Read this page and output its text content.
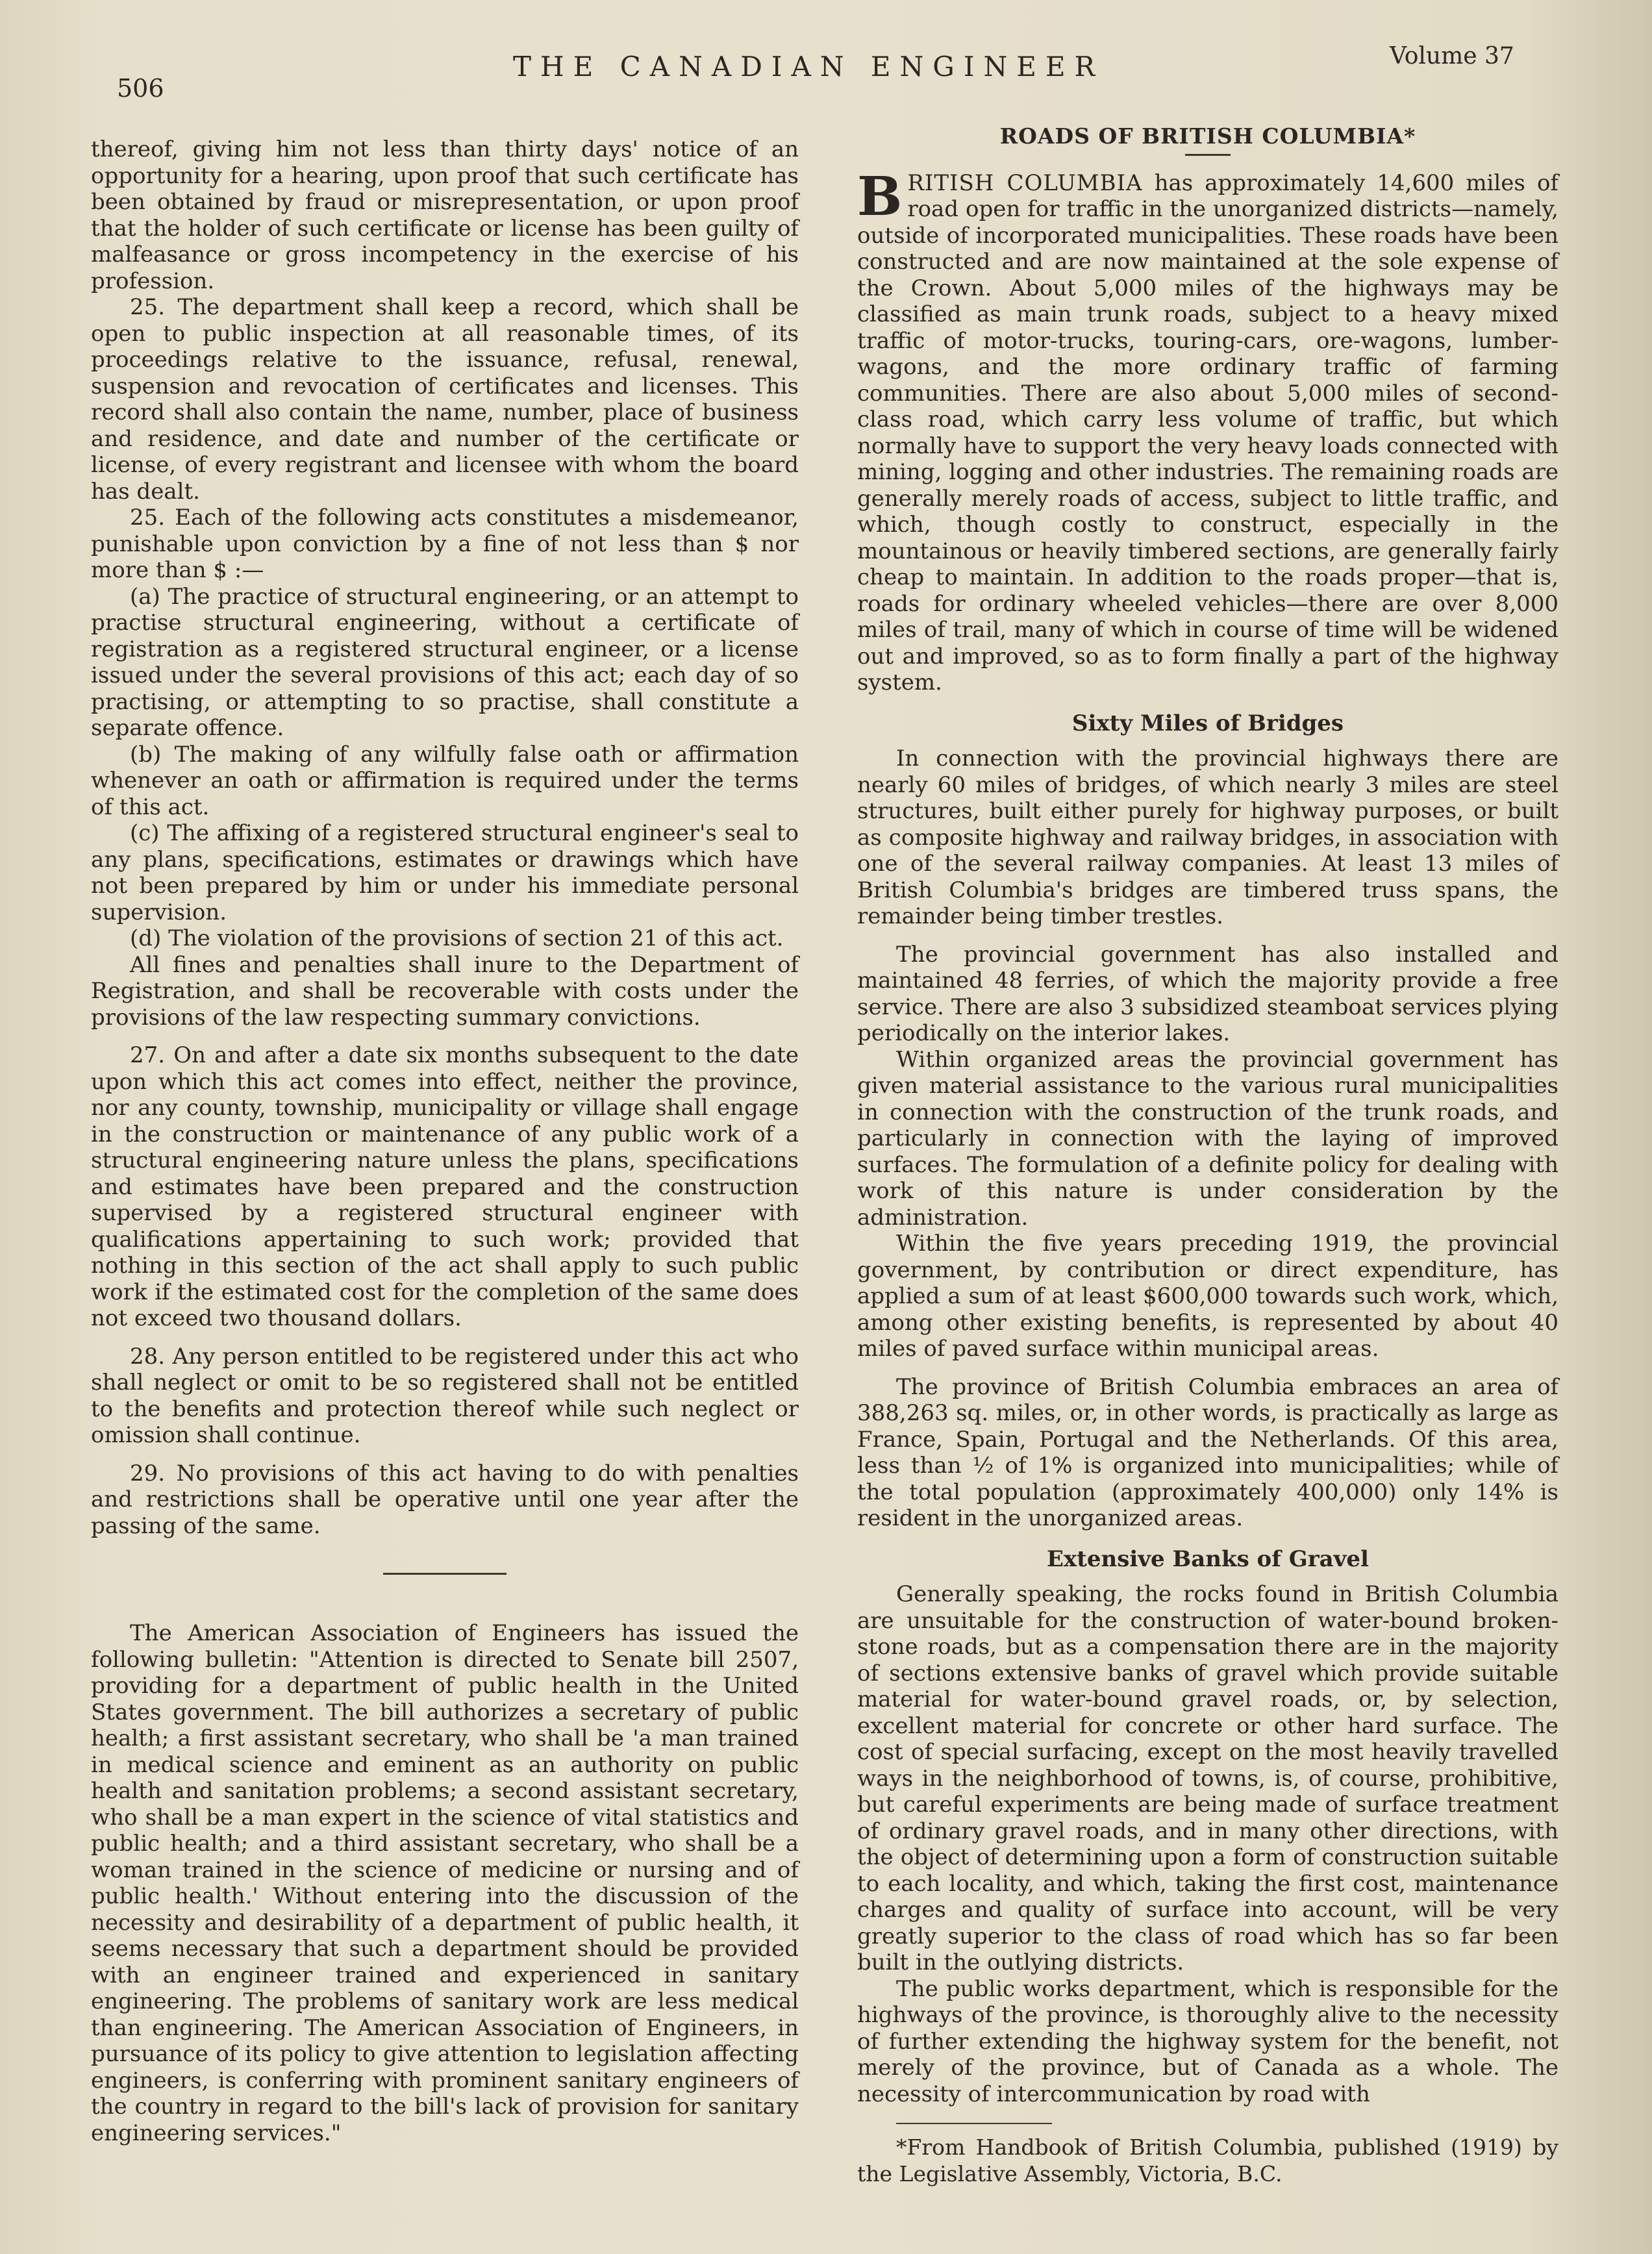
506
THE CANADIAN ENGINEER	Volume 37

thereof, giving him not less than thirty days' notice of an opportunity for a hearing, upon proof that such certificate has been obtained by fraud or misrepresentation, or upon proof that the holder of such certificate or license has been guilty of malfeasance or gross incompetency in the exercise of his profession.

25. The department shall keep a record, which shall be open to public inspection at all reasonable times, of its proceedings relative to the issuance, refusal, renewal, suspension and revocation of certificates and licenses. This record shall also contain the name, number, place of business and residence, and date and number of the certificate or license, of every registrant and licensee with whom the board has dealt.

25. Each of the following acts constitutes a misdemeanor, punishable upon conviction by a fine of not less than $ nor more than $ :—

(a) The practice of structural engineering, or an attempt to practise structural engineering, without a certificate of registration as a registered structural engineer, or a license issued under the several provisions of this act; each day of so practising, or attempting to so practise, shall constitute a separate offence.

(b) The making of any wilfully false oath or affirmation whenever an oath or affirmation is required under the terms of this act.

(c) The affixing of a registered structural engineer's seal to any plans, specifications, estimates or drawings which have not been prepared by him or under his immediate personal supervision.

(d) The violation of the provisions of section 21 of this act.

All fines and penalties shall inure to the Department of Registration, and shall be recoverable with costs under the provisions of the law respecting summary convictions.

27. On and after a date six months subsequent to the date upon which this act comes into effect, neither the province, nor any county, township, municipality or village shall engage in the construction or maintenance of any public work of a structural engineering nature unless the plans, specifications and estimates have been prepared and the construction supervised by a registered structural engineer with qualifications appertaining to such work; provided that nothing in this section of the act shall apply to such public work if the estimated cost for the completion of the same does not exceed two thousand dollars.

28. Any person entitled to be registered under this act who shall neglect or omit to be so registered shall not be entitled to the benefits and protection thereof while such neglect or omission shall continue.

29. No provisions of this act having to do with penalties and restrictions shall be operative until one year after the passing of the same.

The American Association of Engineers has issued the following bulletin: "Attention is directed to Senate bill 2507, providing for a department of public health in the United States government. The bill authorizes a secretary of public health; a first assistant secretary, who shall be 'a man trained in medical science and eminent as an authority on public health and sanitation problems; a second assistant secretary, who shall be a man expert in the science of vital statistics and public health; and a third assistant secretary, who shall be a woman trained in the science of medicine or nursing and of public health.' Without entering into the discussion of the necessity and desirability of a department of public health, it seems necessary that such a department should be provided with an engineer trained and experienced in sanitary engineering. The problems of sanitary work are less medical than engineering. The American Association of Engineers, in pursuance of its policy to give attention to legislation affecting engineers, is conferring with prominent sanitary engineers of the country in regard to the bill's lack of provision for sanitary engineering services."

ROADS OF BRITISH COLUMBIA*

BRITISH COLUMBIA has approximately 14,600 miles of road open for traffic in the unorganized districts—namely, outside of incorporated municipalities. These roads have been constructed and are now maintained at the sole expense of the Crown. About 5,000 miles of the highways may be classified as main trunk roads, subject to a heavy mixed traffic of motor-trucks, touring-cars, ore-wagons, lumber-wagons, and the more ordinary traffic of farming communities. There are also about 5,000 miles of second-class road, which carry less volume of traffic, but which normally have to support the very heavy loads connected with mining, logging and other industries. The remaining roads are generally merely roads of access, subject to little traffic, and which, though costly to construct, especially in the mountainous or heavily timbered sections, are generally fairly cheap to maintain. In addition to the roads proper—that is, roads for ordinary wheeled vehicles—there are over 8,000 miles of trail, many of which in course of time will be widened out and improved, so as to form finally a part of the highway system.

Sixty Miles of Bridges

In connection with the provincial highways there are nearly 60 miles of bridges, of which nearly 3 miles are steel structures, built either purely for highway purposes, or built as composite highway and railway bridges, in association with one of the several railway companies. At least 13 miles of British Columbia's bridges are timbered truss spans, the remainder being timber trestles.

The provincial government has also installed and maintained 48 ferries, of which the majority provide a free service. There are also 3 subsidized steamboat services plying periodically on the interior lakes.

Within organized areas the provincial government has given material assistance to the various rural municipalities in connection with the construction of the trunk roads, and particularly in connection with the laying of improved surfaces. The formulation of a definite policy for dealing with work of this nature is under consideration by the administration.

Within the five years preceding 1919, the provincial government, by contribution or direct expenditure, has applied a sum of at least $600,000 towards such work, which, among other existing benefits, is represented by about 40 miles of paved surface within municipal areas.

The province of British Columbia embraces an area of 388,263 sq. miles, or, in other words, is practically as large as France, Spain, Portugal and the Netherlands. Of this area, less than ½ of 1% is organized into municipalities; while of the total population (approximately 400,000) only 14% is resident in the unorganized areas.

Extensive Banks of Gravel

Generally speaking, the rocks found in British Columbia are unsuitable for the construction of water-bound broken-stone roads, but as a compensation there are in the majority of sections extensive banks of gravel which provide suitable material for water-bound gravel roads, or, by selection, excellent material for concrete or other hard surface. The cost of special surfacing, except on the most heavily travelled ways in the neighborhood of towns, is, of course, prohibitive, but careful experiments are being made of surface treatment of ordinary gravel roads, and in many other directions, with the object of determining upon a form of construction suitable to each locality, and which, taking the first cost, maintenance charges and quality of surface into account, will be very greatly superior to the class of road which has so far been built in the outlying districts.

The public works department, which is responsible for the highways of the province, is thoroughly alive to the necessity of further extending the highway system for the benefit, not merely of the province, but of Canada as a whole. The necessity of intercommunication by road with

*From Handbook of British Columbia, published (1919) by the Legislative Assembly, Victoria, B.C.
